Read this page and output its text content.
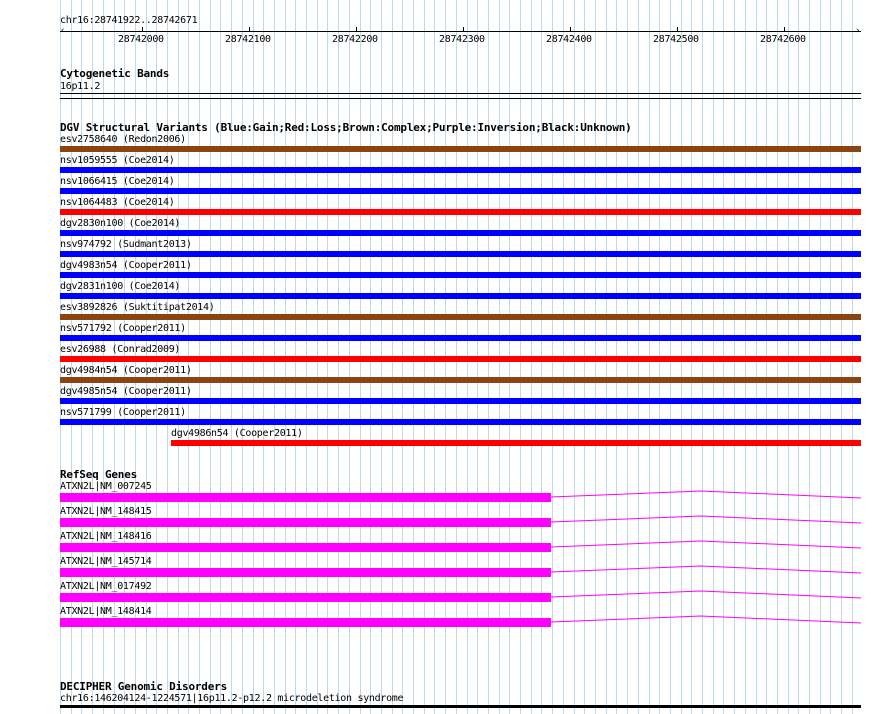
chr16:28741922..28742671
‹	›
28742000	28742100	28742200	28742300	28742400	28742500	28742600
Cytogenetic Bands
16p11.2
DGV Structural Variants (Blue:Gain;Red:Loss;Brown:Complex;Purple:Inversion;Black:Unknown)
esv2758640 (Redon2006)
nsv1059555 (Coe2014)
nsv1066415 (Coe2014)
nsv1064483 (Coe2014)
dgv2830n100 (Coe2014)
nsv974792 (Sudmant2013)
dgv4983n54 (Cooper2011)
dgv2831n100 (Coe2014)
esv3892826 (Suktitipat2014)
nsv571792 (Cooper2011)
esv26988 (Conrad2009)
dgv4984n54 (Cooper2011)
dgv4985n54 (Cooper2011)
nsv571799 (Cooper2011)
dgv4986n54 (Cooper2011)
RefSeq Genes
ATXN2L|NM_007245
ATXN2L|NM_148415
ATXN2L|NM_148416
ATXN2L|NM_145714
ATXN2L|NM_017492
ATXN2L|NM_148414
DECIPHER Genomic Disorders
chr16:146204124-1224571|16p11.2-p12.2 microdeletion syndrome
